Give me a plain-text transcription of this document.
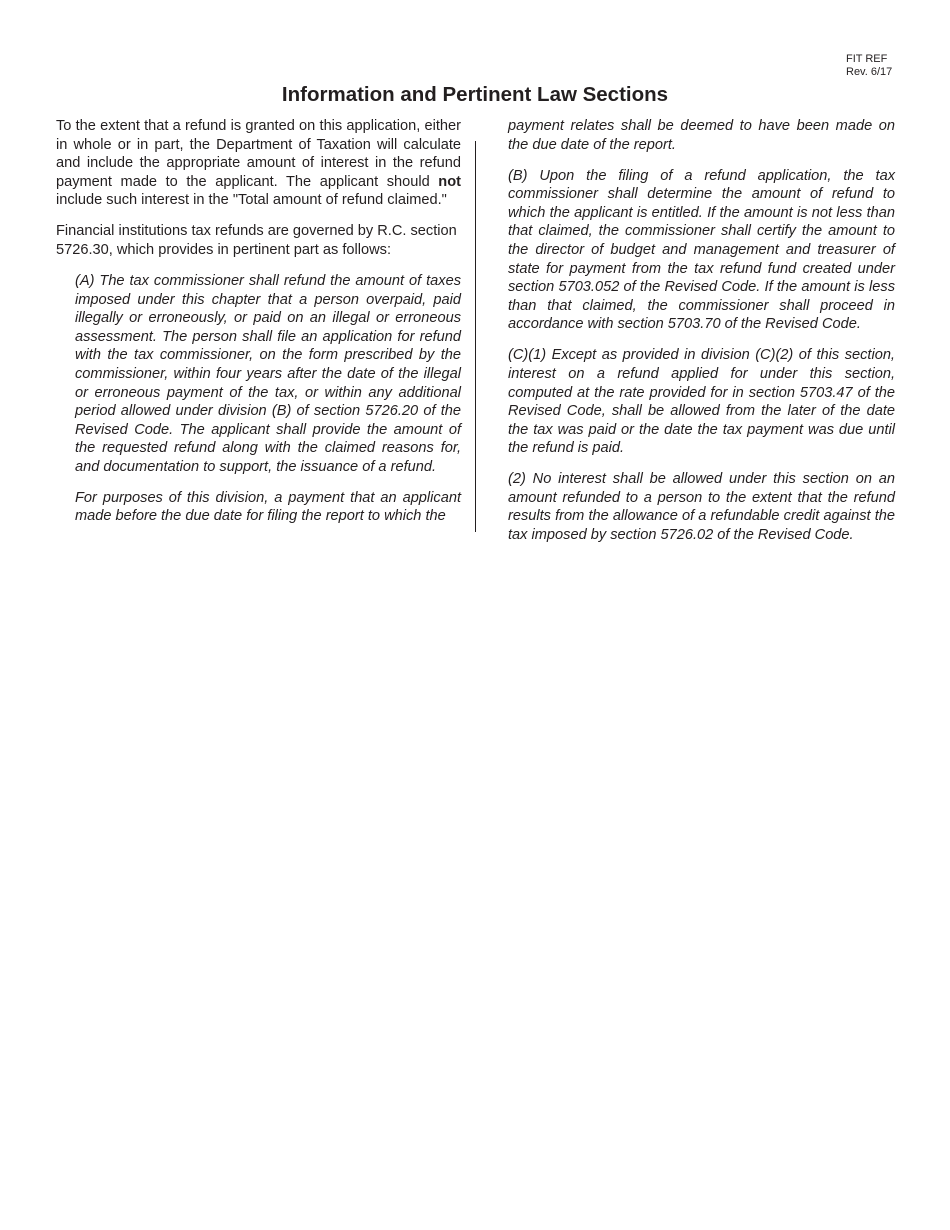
FIT REF
Rev. 6/17
Information and Pertinent Law Sections

To the extent that a refund is granted on this application, either in whole or in part, the Department of Taxation will calculate and include the appropriate amount of interest in the refund payment made to the applicant. The applicant should not include such interest in the "Total amount of refund claimed."

Financial institutions tax refunds are governed by R.C. section 5726.30, which provides in pertinent part as follows:

(A) The tax commissioner shall refund the amount of taxes imposed under this chapter that a person overpaid, paid illegally or erroneously, or paid on an illegal or erroneous assessment. The person shall file an application for refund with the tax commissioner, on the form prescribed by the commissioner, within four years after the date of the illegal or erroneous payment of the tax, or within any additional period allowed under division (B) of section 5726.20 of the Revised Code. The applicant shall provide the amount of the requested refund along with the claimed reasons for, and documentation to support, the issuance of a refund.

For purposes of this division, a payment that an applicant made before the due date for filing the report to which the

payment relates shall be deemed to have been made on the due date of the report.

(B) Upon the filing of a refund application, the tax commissioner shall determine the amount of refund to which the applicant is entitled. If the amount is not less than that claimed, the commissioner shall certify the amount to the director of budget and management and treasurer of state for payment from the tax refund fund created under section 5703.052 of the Revised Code. If the amount is less than that claimed, the commissioner shall proceed in accordance with section 5703.70 of the Revised Code.

(C)(1) Except as provided in division (C)(2) of this section, interest on a refund applied for under this section, computed at the rate provided for in section 5703.47 of the Revised Code, shall be allowed from the later of the date the tax was paid or the date the tax payment was due until the refund is paid.

(2) No interest shall be allowed under this section on an amount refunded to a person to the extent that the refund results from the allowance of a refundable credit against the tax imposed by section 5726.02 of the Revised Code.
